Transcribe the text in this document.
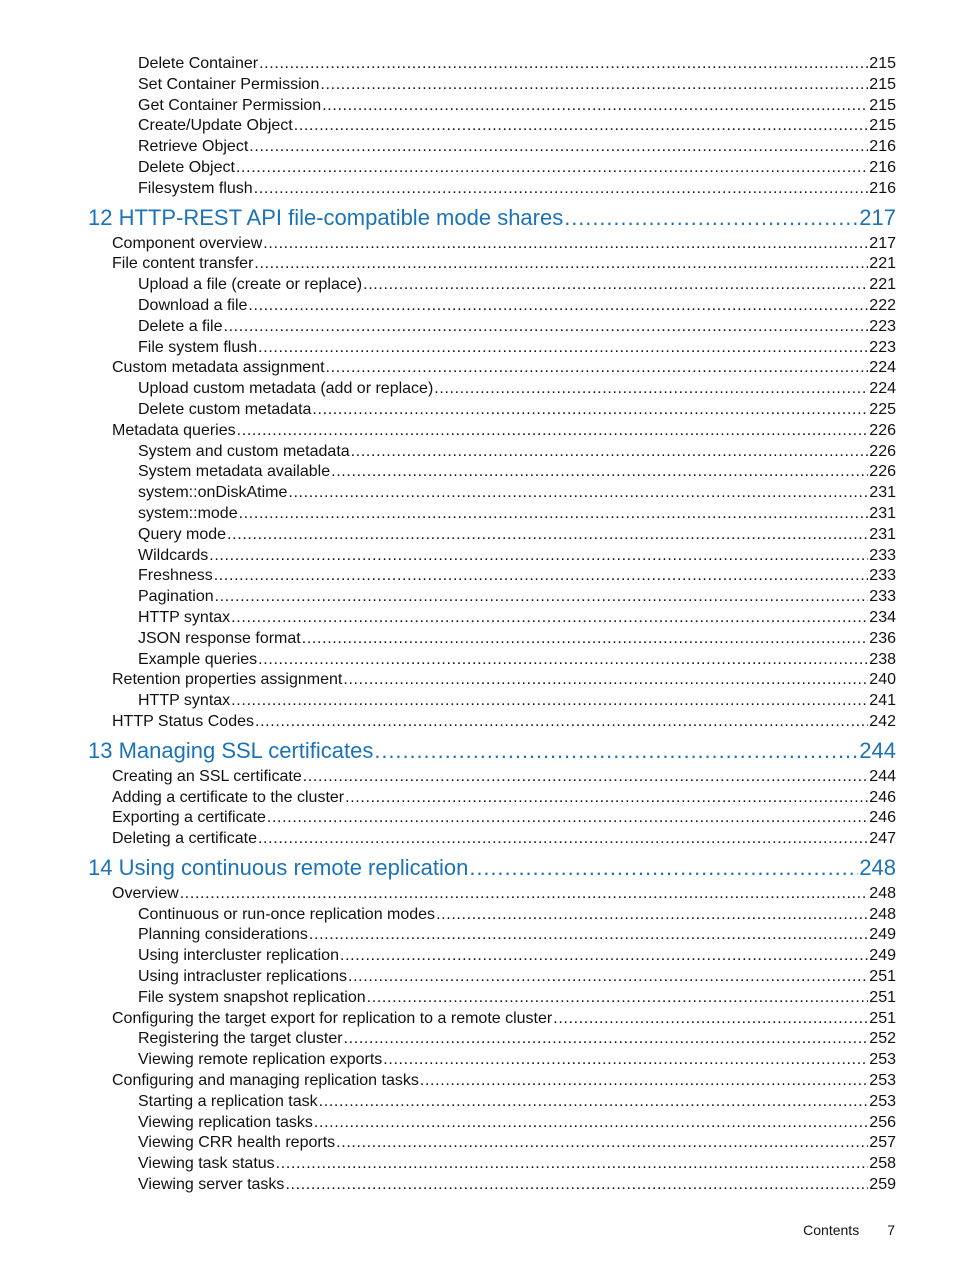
Delete Container . . .	215
Set Container Permission . . .	215
Get Container Permission . . .	215
Create/Update Object . . .	215
Retrieve Object . . .	216
Delete Object . . .	216
Filesystem flush . . .	216
12 HTTP-REST API file-compatible mode shares . . .	217
Component overview . . .	217
File content transfer . . .	221
Upload a file (create or replace) . . .	221
Download a file . . .	222
Delete a file . . .	223
File system flush . . .	223
Custom metadata assignment . . .	224
Upload custom metadata (add or replace) . . .	224
Delete custom metadata . . .	225
Metadata queries . . .	226
System and custom metadata . . .	226
System metadata available . . .	226
system::onDiskAtime . . .	231
system::mode . . .	231
Query mode . . .	231
Wildcards . . .	233
Freshness . . .	233
Pagination . . .	233
HTTP syntax . . .	234
JSON response format . . .	236
Example queries . . .	238
Retention properties assignment . . .	240
HTTP syntax . . .	241
HTTP Status Codes . . .	242
13 Managing SSL certificates . . .	244
Creating an SSL certificate . . .	244
Adding a certificate to the cluster . . .	246
Exporting a certificate . . .	246
Deleting a certificate . . .	247
14 Using continuous remote replication . . .	248
Overview . . .	248
Continuous or run-once replication modes . . .	248
Planning considerations . . .	249
Using intercluster replication . . .	249
Using intracluster replications . . .	251
File system snapshot replication . . .	251
Configuring the target export for replication to a remote cluster . . .	251
Registering the target cluster . . .	252
Viewing remote replication exports . . .	253
Configuring and managing replication tasks . . .	253
Starting a replication task . . .	253
Viewing replication tasks . . .	256
Viewing CRR health reports . . .	257
Viewing task status . . .	258
Viewing server tasks . . .	259
Contents 7
